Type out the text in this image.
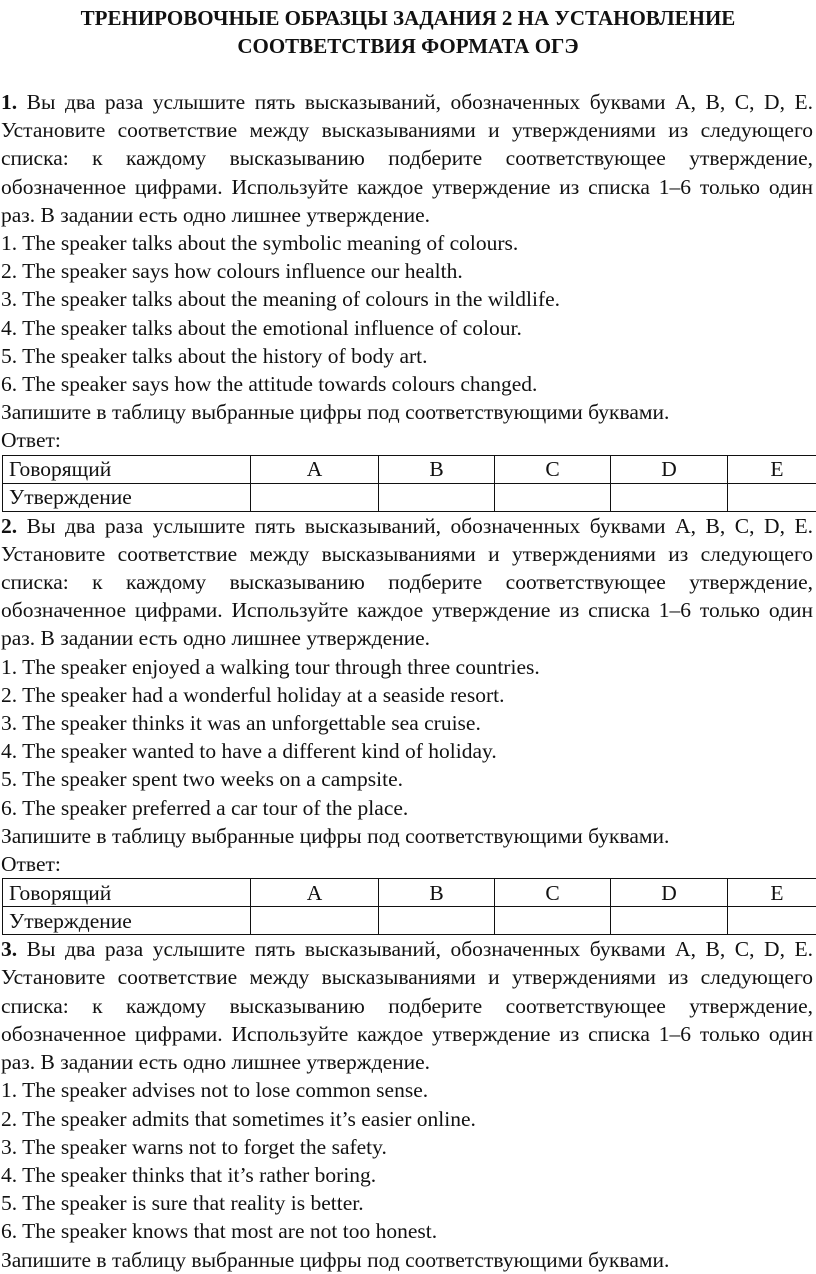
ТРЕНИРОВОЧНЫЕ ОБРАЗЦЫ ЗАДАНИЯ 2 НА УСТАНОВЛЕНИЕ
СООТВЕТСТВИЯ ФОРМАТА ОГЭ

1. Вы два раза услышите пять высказываний, обозначенных буквами A, B, C, D, E. Установите соответствие между высказываниями и утверждениями из следующего списка: к каждому высказыванию подберите соответствующее утверждение, обозначенное цифрами. Используйте каждое утверждение из списка 1–6 только один раз. В задании есть одно лишнее утверждение.

1. The speaker talks about the symbolic meaning of colours.
2. The speaker says how colours influence our health.
3. The speaker talks about the meaning of colours in the wildlife.
4. The speaker talks about the emotional influence of colour.
5. The speaker talks about the history of body art.
6. The speaker says how the attitude towards colours changed.
Запишите в таблицу выбранные цифры под соответствующими буквами.
Ответ:
Говорящий	A	B	C	D	E
Утверждение					

2. Вы два раза услышите пять высказываний, обозначенных буквами A, B, C, D, E. Установите соответствие между высказываниями и утверждениями из следующего списка: к каждому высказыванию подберите соответствующее утверждение, обозначенное цифрами. Используйте каждое утверждение из списка 1–6 только один раз. В задании есть одно лишнее утверждение.

1. The speaker enjoyed a walking tour through three countries.
2. The speaker had a wonderful holiday at a seaside resort.
3. The speaker thinks it was an unforgettable sea cruise.
4. The speaker wanted to have a different kind of holiday.
5. The speaker spent two weeks on a campsite.
6. The speaker preferred a car tour of the place.
Запишите в таблицу выбранные цифры под соответствующими буквами.
Ответ:
Говорящий	A	B	C	D	E
Утверждение					

3. Вы два раза услышите пять высказываний, обозначенных буквами A, B, C, D, E. Установите соответствие между высказываниями и утверждениями из следующего списка: к каждому высказыванию подберите соответствующее утверждение, обозначенное цифрами. Используйте каждое утверждение из списка 1–6 только один раз. В задании есть одно лишнее утверждение.

1. The speaker advises not to lose common sense.
2. The speaker admits that sometimes it’s easier online.
3. The speaker warns not to forget the safety.
4. The speaker thinks that it’s rather boring.
5. The speaker is sure that reality is better.
6. The speaker knows that most are not too honest.
Запишите в таблицу выбранные цифры под соответствующими буквами.
